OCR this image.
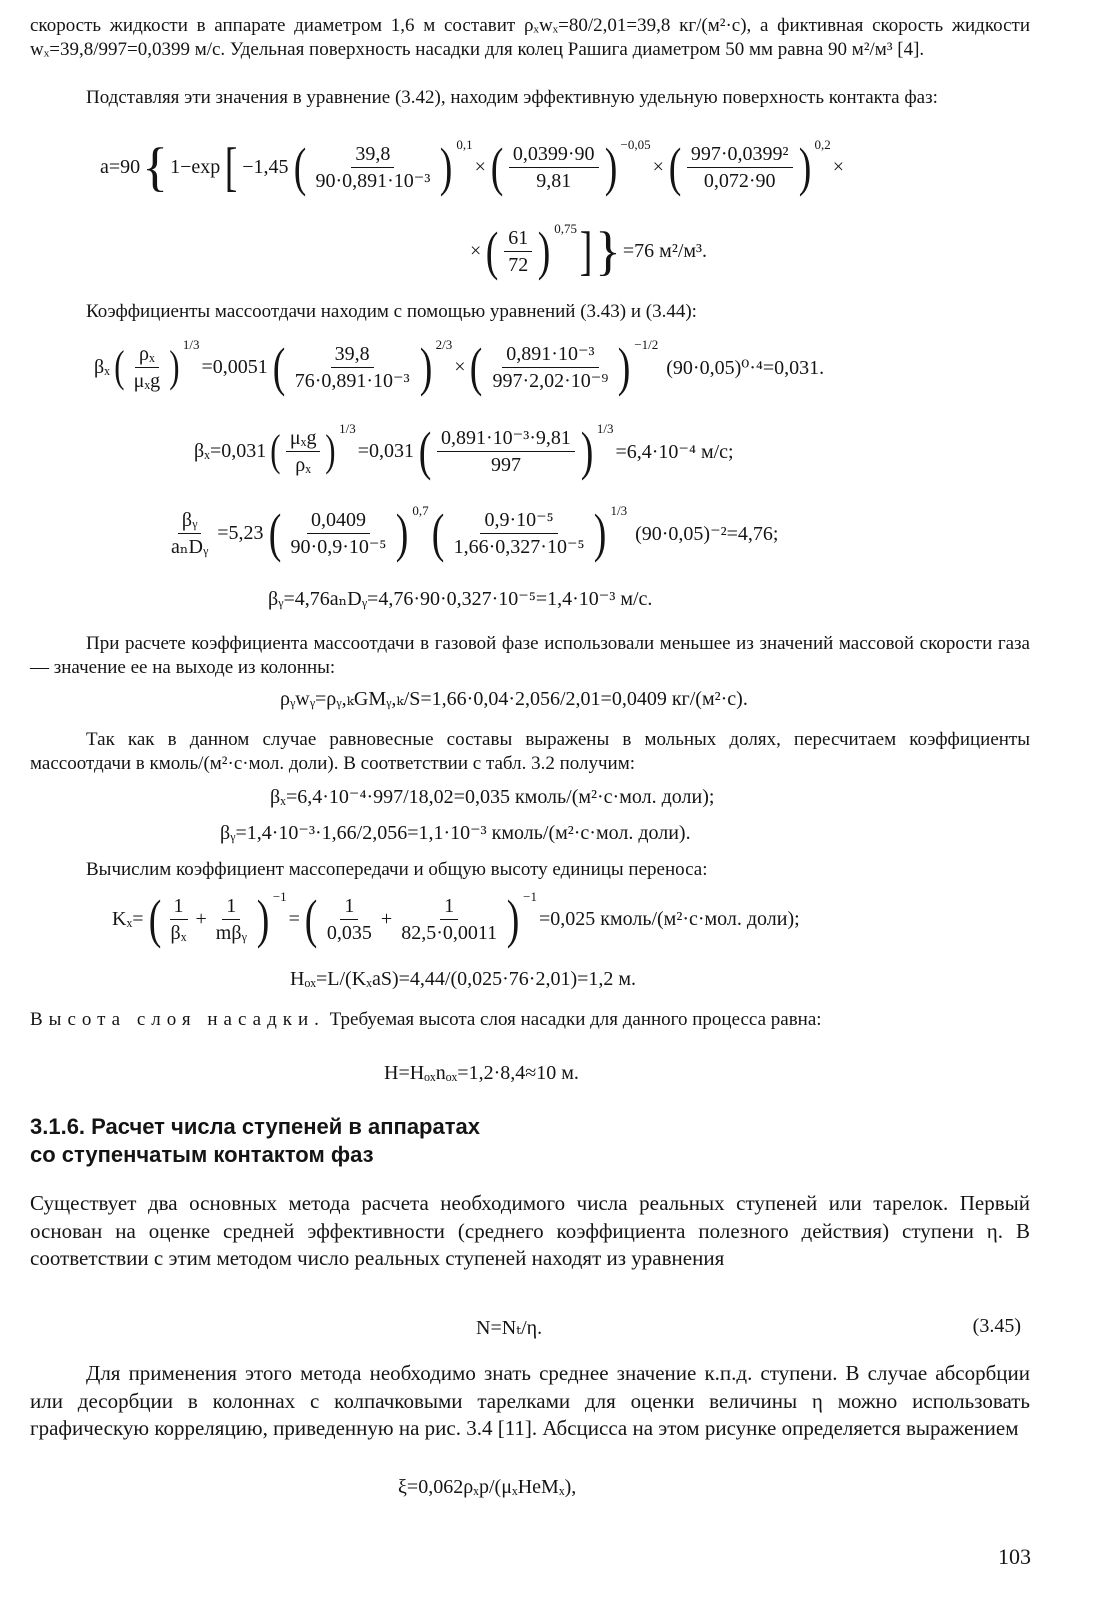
скорость жидкости в аппарате диаметром 1,6 м составит ρₓwₓ=80/2,01=39,8 кг/(м²·с), а фиктивная скорость жидкости wₓ=39,8/997=0,0399 м/с. Удельная поверхность насадки для колец Рашига диаметром 50 мм равна 90 м²/м³ [4].

Подставляя эти значения в уравнение (3.42), находим эффективную удельную поверхность контакта фаз:

a=90 { 1−exp [ −1,45 ( $\frac{39,8}{\text{90·0,891·10⁻³}}$ ) 0,1
× ( $\frac{0,0399\cdot 90}{9,81}$ ) −0,05
× ( $\frac{\text{997·0,0399²}}{0,072\cdot 90}$ ) 0,2
×
× ( $\frac{61}{72}$ ) 0,75 ] } =76 м²/м³.

Коэффициенты массоотдачи находим с помощью уравнений (3.43) и (3.44):

βₓ ( $\frac{\text{ρₓ}}{\text{μₓg}}$ ) 1/3
=0,0051 ( $\frac{39,8}{\text{76·0,891·10⁻³}}$ ) 2/3
× ( $\frac{\text{0,891·10⁻³}}{\text{997·2,02·10⁻⁹}}$ ) −1/2
(90·0,05)⁰·⁴=0,031.
βₓ=0,031 ( $\frac{\text{μₓg}}{\text{ρₓ}}$ ) 1/3
=0,031 ( $\frac{\text{0,891·10⁻³·9,81}}{997}$ ) 1/3
=6,4·10⁻⁴ м/с;
$\frac{\text{βᵧ}}{\text{aₙDᵧ}} =5,23$ ( $\frac{0,0409}{\text{90·0,9·10⁻⁵}}$ ) 0,7 ( $\frac{\text{0,9·10⁻⁵}}{\text{1,66·0,327·10⁻⁵}}$ ) 1/3
(90·0,05)⁻²=4,76;
βᵧ=4,76aₙDᵧ=4,76·90·0,327·10⁻⁵=1,4·10⁻³ м/с.

При расчете коэффициента массоотдачи в газовой фазе использовали меньшее из значений массовой скорости газа — значение ее на выходе из колонны:

ρᵧwᵧ=ρᵧ,ₖGMᵧ,ₖ/S=1,66·0,04·2,056/2,01=0,0409 кг/(м²·с).

Так как в данном случае равновесные составы выражены в мольных долях, пересчитаем коэффициенты массоотдачи в кмоль/(м²·с·мол. доли). В соответствии с табл. 3.2 получим:

βₓ=6,4·10⁻⁴·997/18,02=0,035 кмоль/(м²·с·мол. доли);
βᵧ=1,4·10⁻³·1,66/2,056=1,1·10⁻³ кмоль/(м²·с·мол. доли).

Вычислим коэффициент массопередачи и общую высоту единицы переноса:

Kₓ= ( $\frac{1}{\text{βₓ}} + \frac{1}{\text{mβᵧ}}$ ) −1
= ( $\frac{1}{0,035} + \frac{1}{82,5\cdot 0,0011}$ ) −1
=0,025 кмоль/(м²·с·мол. доли);
Hₒₓ=L/(KₓaS)=4,44/(0,025·76·2,01)=1,2 м.

Высота слоя насадки. Требуемая высота слоя насадки для данного процесса равна:

H=Hₒₓnₒₓ=1,2·8,4≈10 м.
3.1.6. Расчет числа ступеней в аппаратах
со ступенчатым контактом фаз

Существует два основных метода расчета необходимого числа реальных ступеней или тарелок. Первый основан на оценке средней эффективности (среднего коэффициента полезного действия) ступени η. В соответствии с этим методом число реальных ступеней находят из уравнения

N=Nₜ/η.	(3.45)

Для применения этого метода необходимо знать среднее значение к.п.д. ступени. В случае абсорбции или десорбции в колоннах с колпачковыми тарелками для оценки величины η можно использовать графическую корреляцию, приведенную на рис. 3.4 [11]. Абсцисса на этом рисунке определяется выражением

ξ=0,062ρₓp/(μₓHeMₓ),
103
